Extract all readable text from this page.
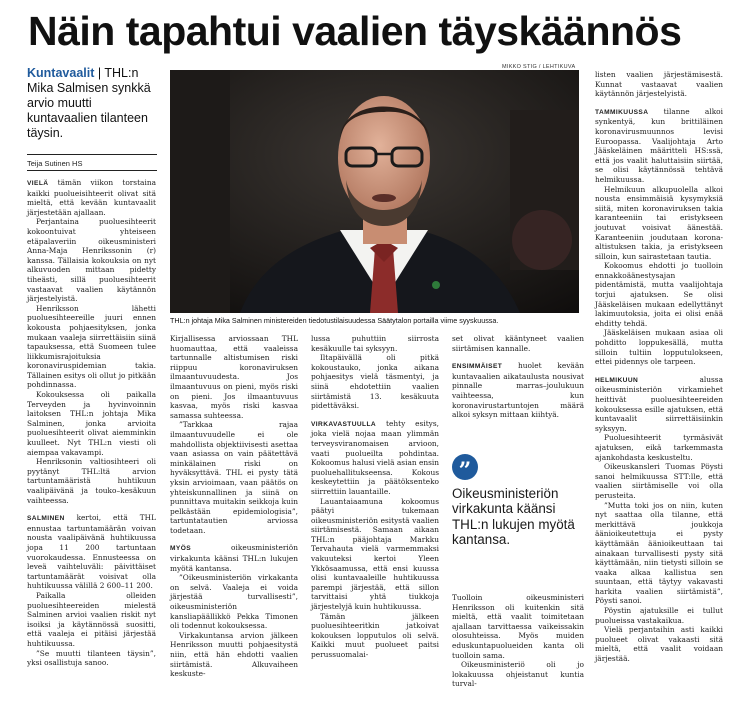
Näin tapahtui vaalien täyskäännös
Kuntavaalit | THL:n Mika Salmisen synkkä arvio muutti kuntavaalien tilanteen täysin.
Teija Sutinen HS
MIKKO STIG / LEHTIKUVA
THL:n johtaja Mika Salminen ministereiden tiedotustilaisuudessa Säätytalon portailla viime syyskuussa.

VIELÄ tämän viikon torstaina kaikki puolueisihteerit olivat sitä mieltä, että kevään kuntavaalit järjestetään ajallaan.

Perjantaina puoluesihteerit kokoontuivat yhteiseen etäpalaveriin oikeusministeri Anna-Maja Henrikssonin (r) kanssa. Tällaisia kokouksia on nyt alkuvuoden mittaan pidetty tiheästi, sillä puoluesihteerit vastaavat vaalien käytännön järjestelyistä.

Henriksson lähetti puoluesihteereille juuri ennen kokousta pohjaesityksen, jonka mukaan vaaleja siirrettäisiin siinä tapauksessa, että Suomeen tulee liikkumisrajoituksia koronaviruspidemian takia. Tällainen esitys oli ollut jo pitkään pohdinnassa.

Kokouksessa oli paikalla Terveyden ja hyvinvoinnin laitoksen THL:n johtaja Mika Salminen, jonka arvioita puoluesihteerit olivat aiemminkin kuulleet. Nyt THL:n viesti oli aiempaa vakavampi.

Henriksonin valtiosihteeri oli pyytänyt THL:ltä arvion tartuntamääristä huhtikuun vaalipäivänä ja touko–kesäkuun vaihteessa.

SALMINEN kertoi, että THL ennustaa tartuntamäärän voivan nousta vaalipäivänä huhtikuussa jopa 11 200 tartuntaan vuorokaudessa. Ennusteessa on leveä vaihteluväli: päivittäiset tartuntamäärät voisivat olla huhtikuussa välillä 2 600–11 200.

Paikalla olleiden puoluesihteereiden mielestä Salminen arvioi vaalien riskit nyt isoiksi ja käytännössä suositti, että vaaleja ei pitäisi järjestää huhtikuussa.

”Se muutti tilanteen täysin”, yksi osallistuja sanoo.

Kirjallisessa arviossaan THL huomauttaa, että vaaleissa tartunnalle altistumisen riski riippuu koronaviruksen ilmaantuvuudesta. Jos ilmaantuvuus on pieni, myös riski on pieni. Jos ilmaantuvuus kasvaa, myös riski kasvaa samassa suhteessa.

”Tarkkaa rajaa ilmaantuvuudelle ei ole mahdollista objektiivisesti asettaa vaan asiassa on vain päätettävä minkälainen riski on hyväksyttävä. THL ei pysty tätä yksin arvioimaan, vaan päätös on yhteiskunnallinen ja siinä on punnittava muitakin seikkoja kuin pelkästään epidemiologisia”, tartuntatautien arviossa todetaan.

MYÖS oikeusministeriön virkakunta käänsi THL:n lukujen myötä kantansa.

”Oikeusministeriön virkakanta on selvä. Vaaleja ei voida järjestää turvallisesti”, oikeusministeriön kansliapäällikkö Pekka Timonen oli todennut kokouksessa.

Virkakuntansa arvion jälkeen Henriksson muutti pohjaesitystä niin, että hän ehdotti vaalien siirtämistä. Alkuvaiheen keskuste-

lussa puhuttiin siirrosta kesäkuulle tai syksyyn.

Iltapäivällä oli pitkä kokoustauko, jonka aikana pohjaesitys vielä täsmentyi, ja siinä ehdotettiin vaalien siirtämistä 13. kesäkuuta pidettäväksi.

VIRKAVASTUULLA tehty esitys, joka vielä nojaa maan ylimmän terveysviranomaisen arvioon, vaati puolueilta pohdintaa. Kokoomus halusi vielä asian ensin puoluehallitukseensa. Kokous keskeytettiin ja päätöksenteko siirrettiin lauantaille.

Lauantaiaamuna kokoomus päätyi tukemaan oikeusministeriön esitystä vaalien siirtämisestä. Samaan aikaan THL:n pääjohtaja Markku Tervahauta vielä varmemmaksi vakuuteksi kertoi Yleen Ykkösaamussa, että ensi kuussa olisi kuntavaaleille huhtikuussa parempi järjestää, että sillon tarvittaisi yhtä tiukkoja järjestelyjä kuin huhtikuussa.

Tämän jälkeen puoluesihteeritkin jatkoivat kokouksen lopputulos oli selvä. Kaikki muut puolueet paitsi perussuomalai-

set olivat kääntyneet vaalien siirtämisen kannalle.

ENSIMMÄISET huolet kevään kuntavaalien aikataulusta nousivat pinnalle marras–joulukuun vaihteessa, kun koronavirustartuntojen määrä alkoi syksyn mittaan kiihtyä.

”
Oikeusministeriön virkakunta käänsi THL:n lukujen myötä kantansa.

Tuolloin oikeusministeri Henriksson oli kuitenkin sitä mieltä, että vaalit toimitetaan ajallaan tarvittaessa vaikeissakin olosuhteissa. Myös muiden eduskuntapuolueiden kanta oli tuolloin sama.

Oikeusministeriö oli jo lokakuussa ohjeistanut kuntia turval-

listen vaalien järjestämisestä. Kunnat vastaavat vaalien käytännön järjestelyistä.

TAMMIKUUSSA tilanne alkoi synkentyä, kun brittiläinen koronavirusmuunnos levisi Euroopassa. Vaalijohtaja Arto Jääskeläinen määritteli HS:ssä, että jos vaalit haluttaisiin siirtää, se olisi käytännössä tehtävä helmikuussa.

Helmikuun alkupuolella alkoi nousta ensimmäisiä kysymyksiä siitä, miten koronaviruksen takia karanteeniin tai eristykseen joutuvat voisivat äänestää. Karanteeniin joudutaan korona-altistuksen takia, ja eristykseen silloin, kun sairastetaan tautia.

Kokoomus ehdotti jo tuolloin ennakkoäänestysajan pidentämistä, mutta vaalijohtaja torjui ajatuksen. Se olisi Jääskeläisen mukaan edellyttänyt lakimuutoksia, joita ei olisi enää ehditty tehdä.

Jääskeläisen mukaan asiaa oli pohditto loppukesällä, mutta silloin tultiin lopputulokseen, ettei pidennys ole tarpeen.

HELMIKUUN alussa oikeusministeriön virkamiehet heittivät puoluesihteereiden kokouksessa esille ajatuksen, että kuntavaalit siirrettäisiinkin syksyyn.

Puoluesihteerit tyrmäsivät ajatuksen, eikä tarkemmasta ajankohdasta keskusteltu.

Oikeuskansleri Tuomas Pöysti sanoi helmikuussa STT:lle, että vaalien siirtämiselle voi olla perusteita.

”Mutta toki jos on niin, kuten nyt saattaa olla tilanne, että merkittävä joukkoja äänioikeutettuja ei pysty käyttämään äänioikeuttaan tai ainakaan turvallisesti pysty sitä käyttämään, niin tietysti silloin se vaaka alkaa kallistua sen suuntaan, että täytyy vakavasti harkita vaalien siirtämistä”, Pöysti sanoi.

Pöystin ajatuksille ei tullut puolueissa vastakaikua.

Vielä perjantaihin asti kaikki puolueet olivat vakaasti sitä mieltä, että vaalit voidaan järjestää.
